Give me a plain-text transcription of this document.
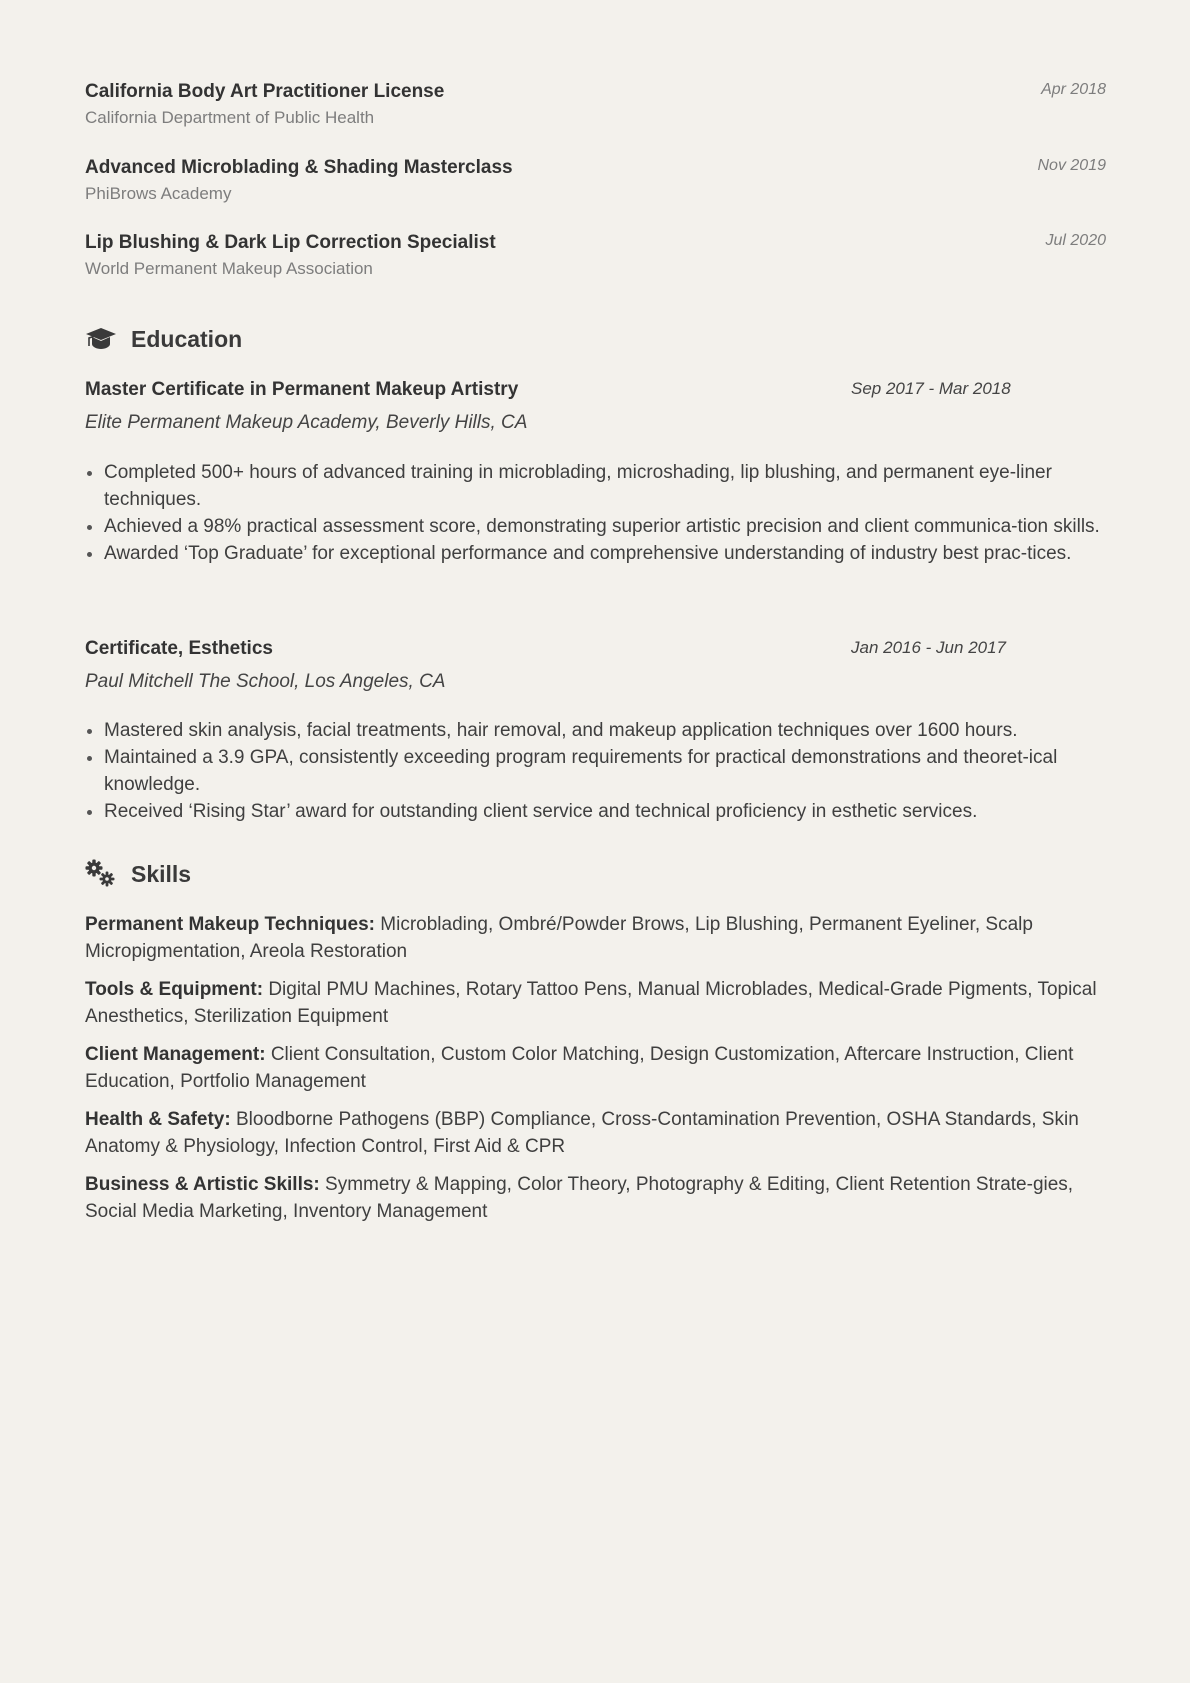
California Body Art Practitioner License
California Department of Public Health
Apr 2018
Advanced Microblading & Shading Masterclass
PhiBrows Academy
Nov 2019
Lip Blushing & Dark Lip Correction Specialist
World Permanent Makeup Association
Jul 2020
Education
Master Certificate in Permanent Makeup Artistry	Sep 2017 - Mar 2018
Elite Permanent Makeup Academy, Beverly Hills, CA
Completed 500+ hours of advanced training in microblading, microshading, lip blushing, and permanent eye-liner techniques.
Achieved a 98% practical assessment score, demonstrating superior artistic precision and client communica-tion skills.
Awarded ‘Top Graduate’ for exceptional performance and comprehensive understanding of industry best prac-tices.
Certificate, Esthetics	Jan 2016 - Jun 2017
Paul Mitchell The School, Los Angeles, CA
Mastered skin analysis, facial treatments, hair removal, and makeup application techniques over 1600 hours.
Maintained a 3.9 GPA, consistently exceeding program requirements for practical demonstrations and theoret-ical knowledge.
Received ‘Rising Star’ award for outstanding client service and technical proficiency in esthetic services.
Skills
Permanent Makeup Techniques: Microblading, Ombré/Powder Brows, Lip Blushing, Permanent Eyeliner, Scalp Micropigmentation, Areola Restoration
Tools & Equipment: Digital PMU Machines, Rotary Tattoo Pens, Manual Microblades, Medical-Grade Pigments, Topical Anesthetics, Sterilization Equipment
Client Management: Client Consultation, Custom Color Matching, Design Customization, Aftercare Instruction, Client Education, Portfolio Management
Health & Safety: Bloodborne Pathogens (BBP) Compliance, Cross-Contamination Prevention, OSHA Standards, Skin Anatomy & Physiology, Infection Control, First Aid & CPR
Business & Artistic Skills: Symmetry & Mapping, Color Theory, Photography & Editing, Client Retention Strate-gies, Social Media Marketing, Inventory Management
